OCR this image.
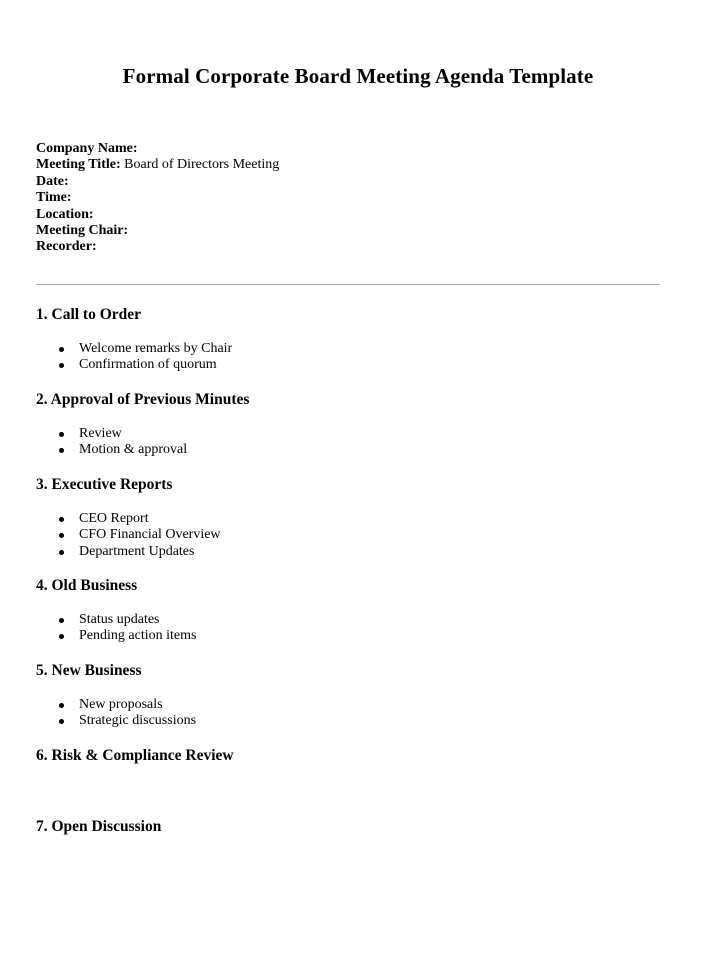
Formal Corporate Board Meeting Agenda Template
Company Name:
Meeting Title: Board of Directors Meeting
Date:
Time:
Location:
Meeting Chair:
Recorder:
1. Call to Order
Welcome remarks by Chair
Confirmation of quorum
2. Approval of Previous Minutes
Review
Motion & approval
3. Executive Reports
CEO Report
CFO Financial Overview
Department Updates
4. Old Business
Status updates
Pending action items
5. New Business
New proposals
Strategic discussions
6. Risk & Compliance Review
7. Open Discussion
